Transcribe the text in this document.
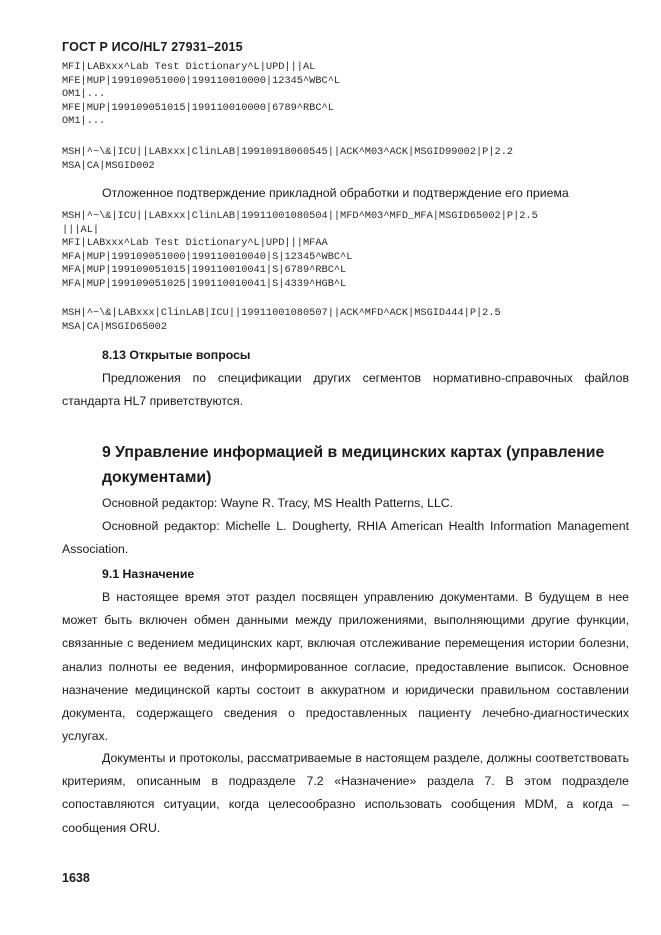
ГОСТ Р ИСО/HL7 27931–2015
MFI|LABxxx^Lab Test Dictionary^L|UPD|||AL
MFE|MUP|199109051000|199110010000|12345^WBC^L
OM1|...
MFE|MUP|199109051015|199110010000|6789^RBC^L
OM1|...
MSH|^~\&|ICU||LABxxx|ClinLAB|19910918060545||ACK^M03^ACK|MSGID99002|P|2.2
MSA|CA|MSGID002
Отложенное подтверждение прикладной обработки и подтверждение его приема
MSH|^~\&|ICU||LABxxx|ClinLAB|19911001080504||MFD^M03^MFD_MFA|MSGID65002|P|2.5
|||AL|
MFI|LABxxx^Lab Test Dictionary^L|UPD|||MFAA
MFA|MUP|199109051000|199110010040|S|12345^WBC^L
MFA|MUP|199109051015|199110010041|S|6789^RBC^L
MFA|MUP|199109051025|199110010041|S|4339^HGB^L
MSH|^~\&|LABxxx|ClinLAB|ICU||19911001080507||ACK^MFD^ACK|MSGID444|P|2.5
MSA|CA|MSGID65002
8.13 Открытые вопросы

Предложения по спецификации других сегментов нормативно-справочных файлов стандарта HL7 приветствуются.

9 Управление информацией в медицинских картах (управление документами)
Основной редактор: Wayne R. Tracy, MS Health Patterns, LLC.

Основной редактор: Michelle L. Dougherty, RHIA American Health Information Management Association.

9.1 Назначение

В настоящее время этот раздел посвящен управлению документами. В будущем в нее может быть включен обмен данными между приложениями, выполняющими другие функции, связанные с ведением медицинских карт, включая отслеживание перемещения истории болезни, анализ полноты ее ведения, информированное согласие, предоставление выписок. Основное назначение медицинской карты состоит в аккуратном и юридически правильном составлении документа, содержащего сведения о предоставленных пациенту лечебно-диагностических услугах.

Документы и протоколы, рассматриваемые в настоящем разделе, должны соответствовать критериям, описанным в подразделе 7.2 «Назначение» раздела 7. В этом подразделе сопоставляются ситуации, когда целесообразно использовать сообщения MDM, а когда – сообщения ORU.

1638
